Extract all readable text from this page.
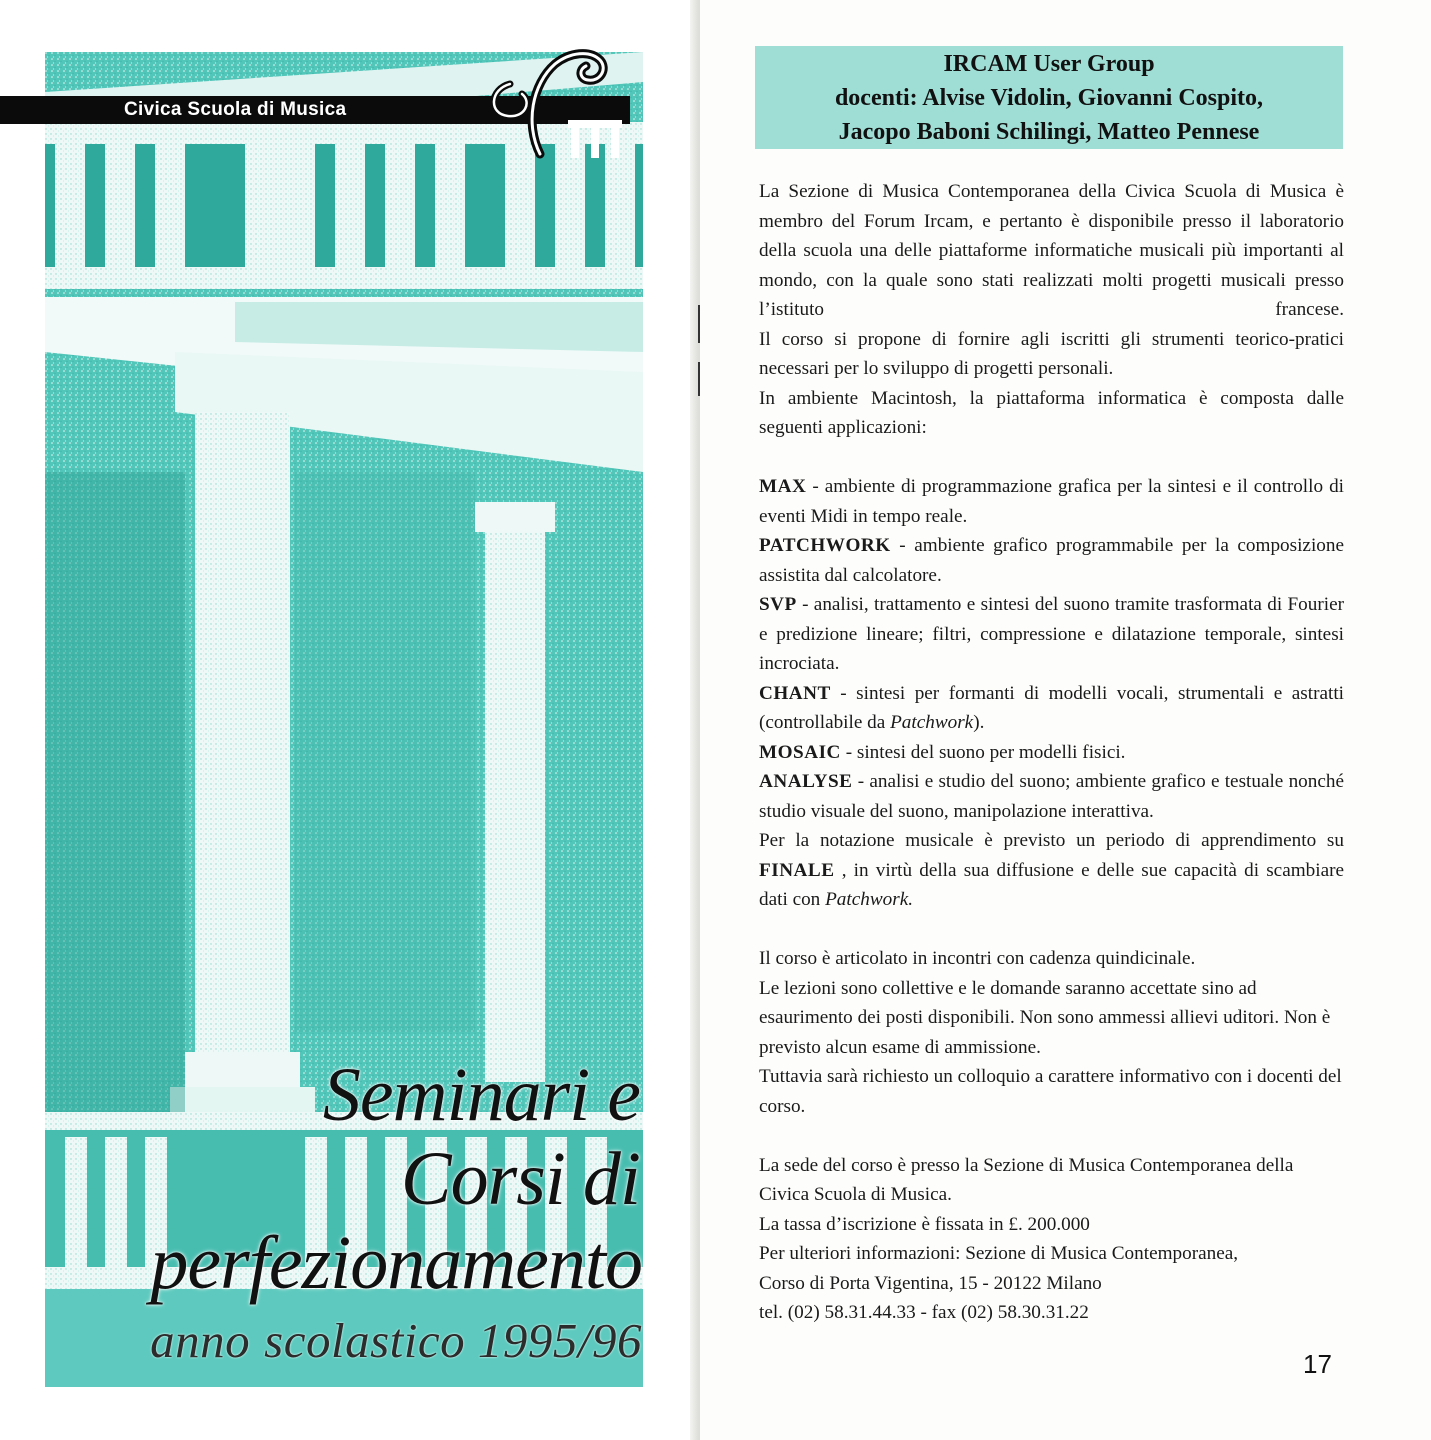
Civica Scuola di Musica
Seminari e
Corsi di
perfezionamento
anno scolastico 1995/96
IRCAM User Group
docenti: Alvise Vidolin, Giovanni Cospito,
Jacopo Baboni Schilingi, Matteo Pennese

La Sezione di Musica Contemporanea della Civica Scuola di Musica è membro del Forum Ircam, e pertanto è disponibile presso il laboratorio della scuola una delle piattaforme informatiche musicali più importanti al mondo, con la quale sono stati realizzati molti progetti musicali presso l’istituto francese.

Il corso si propone di fornire agli iscritti gli strumenti teorico-pratici necessari per lo sviluppo di progetti personali.

In ambiente Macintosh, la piattaforma informatica è composta dalle seguenti applicazioni:

MAX - ambiente di programmazione grafica per la sintesi e il controllo di eventi Midi in tempo reale.

PATCHWORK - ambiente grafico programmabile per la composizione assistita dal calcolatore.

SVP - analisi, trattamento e sintesi del suono tramite trasformata di Fourier e predizione lineare; filtri, compressione e dilatazione temporale, sintesi incrociata.

CHANT - sintesi per formanti di modelli vocali, strumentali e astratti (controllabile da Patchwork).

MOSAIC - sintesi del suono per modelli fisici.

ANALYSE - analisi e studio del suono; ambiente grafico e testuale nonché studio visuale del suono, manipolazione interattiva.

Per la notazione musicale è previsto un periodo di apprendimento su FINALE , in virtù della sua diffusione e delle sue capacità di scambiare dati con Patchwork.

Il corso è articolato in incontri con cadenza quindicinale.

Le lezioni sono collettive e le domande saranno accettate sino ad esaurimento dei posti disponibili. Non sono ammessi allievi uditori. Non è previsto alcun esame di ammissione.

Tuttavia sarà richiesto un colloquio a carattere informativo con i docenti del corso.

La sede del corso è presso la Sezione di Musica Contemporanea della Civica Scuola di Musica.

La tassa d’iscrizione è fissata in £. 200.000

Per ulteriori informazioni: Sezione di Musica Contemporanea,

Corso di Porta Vigentina, 15 - 20122 Milano

tel. (02) 58.31.44.33 - fax (02) 58.30.31.22

17
